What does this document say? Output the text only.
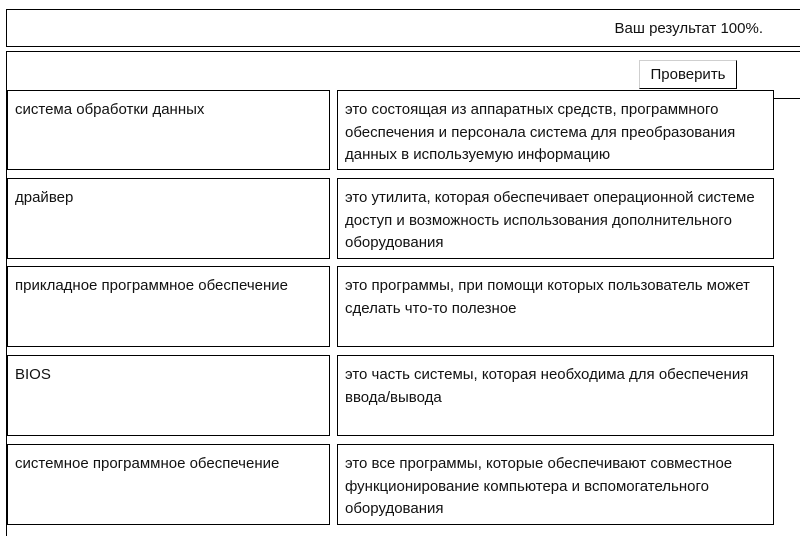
Ваш результат 100%.
Проверить
система обработки данных	это состоящая из аппаратных средств, программного обеспечения и персонала система для преобразования данных в используемую информацию
драйвер	это утилита, которая обеспечивает операционной системе доступ и возможность использования дополнительного оборудования
прикладное программное обеспечение	это программы, при помощи которых пользователь может сделать что-то полезное
BIOS	это часть системы, которая необходима для обеспечения ввода/вывода
системное программное обеспечение	это все программы, которые обеспечивают совместное функционирование компьютера и вспомогательного оборудования
